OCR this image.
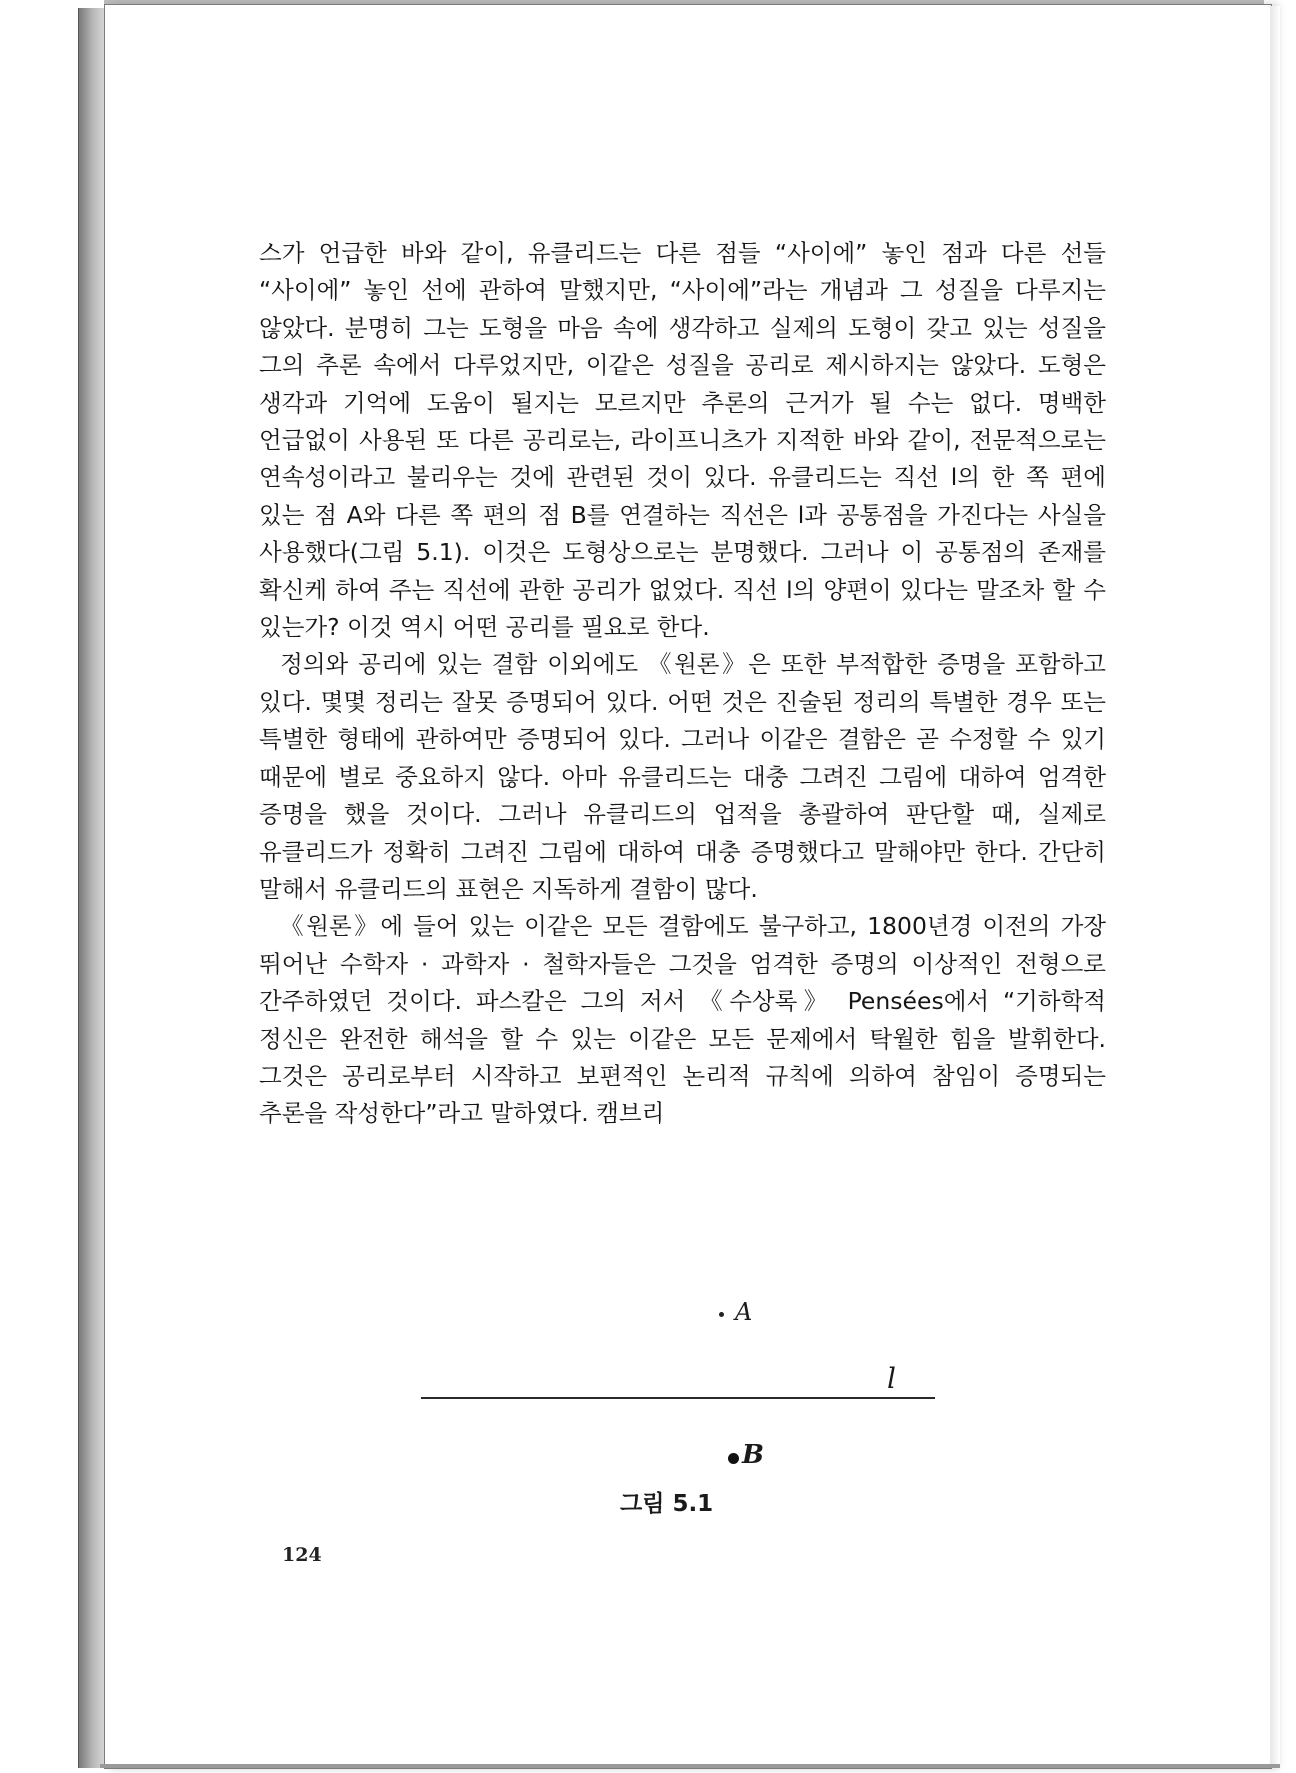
스가 언급한 바와 같이, 유클리드는 다른 점들 “사이에” 놓인 점과 다른 선들 “사이에” 놓인 선에 관하여 말했지만, “사이에”라는 개념과 그 성질을 다루지는 않았다. 분명히 그는 도형을 마음 속에 생각하고 실제의 도형이 갖고 있는 성질을 그의 추론 속에서 다루었지만, 이같은 성질을 공리로 제시하지는 않았다. 도형은 생각과 기억에 도움이 될지는 모르지만 추론의 근거가 될 수는 없다. 명백한 언급없이 사용된 또 다른 공리로는, 라이프니츠가 지적한 바와 같이, 전문적으로는 연속성이라고 불리우는 것에 관련된 것이 있다. 유클리드는 직선 l의 한 쪽 편에 있는 점 A와 다른 쪽 편의 점 B를 연결하는 직선은 l과 공통점을 가진다는 사실을 사용했다(그림 5.1). 이것은 도형상으로는 분명했다. 그러나 이 공통점의 존재를 확신케 하여 주는 직선에 관한 공리가 없었다. 직선 l의 양편이 있다는 말조차 할 수 있는가? 이것 역시 어떤 공리를 필요로 한다.

정의와 공리에 있는 결함 이외에도 《원론》은 또한 부적합한 증명을 포함하고 있다. 몇몇 정리는 잘못 증명되어 있다. 어떤 것은 진술된 정리의 특별한 경우 또는 특별한 형태에 관하여만 증명되어 있다. 그러나 이같은 결함은 곧 수정할 수 있기 때문에 별로 중요하지 않다. 아마 유클리드는 대충 그려진 그림에 대하여 엄격한 증명을 했을 것이다. 그러나 유클리드의 업적을 총괄하여 판단할 때, 실제로 유클리드가 정확히 그려진 그림에 대하여 대충 증명했다고 말해야만 한다. 간단히 말해서 유클리드의 표현은 지독하게 결함이 많다.

《원론》에 들어 있는 이같은 모든 결함에도 불구하고, 1800년경 이전의 가장 뛰어난 수학자 · 과학자 · 철학자들은 그것을 엄격한 증명의 이상적인 전형으로 간주하였던 것이다. 파스칼은 그의 저서 《수상록》 Pensées에서 “기하학적 정신은 완전한 해석을 할 수 있는 이같은 모든 문제에서 탁월한 힘을 발휘한다. 그것은 공리로부터 시작하고 보편적인 논리적 규칙에 의하여 참임이 증명되는 추론을 작성한다”라고 말하였다. 캠브리

A
l
B
그림 5.1
124
